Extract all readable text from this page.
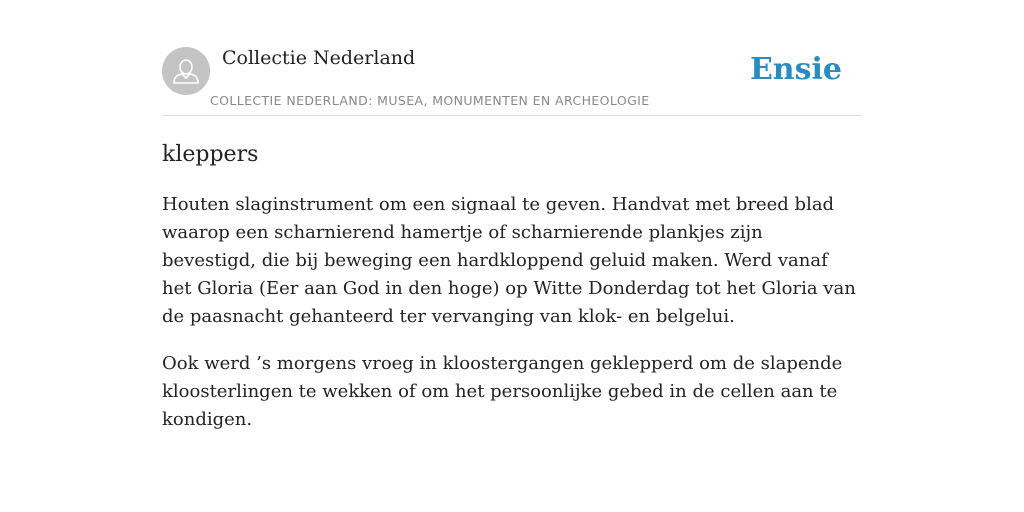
Collectie Nederland
COLLECTIE NEDERLAND: MUSEA, MONUMENTEN EN ARCHEOLOGIE
Ensie
kleppers

Houten slaginstrument om een signaal te geven. Handvat met breed blad waarop een scharnierend hamertje of scharnierende plankjes zijn bevestigd, die bij beweging een hardkloppend geluid maken. Werd vanaf het Gloria (Eer aan God in den hoge) op Witte Donderdag tot het Gloria van de paasnacht gehanteerd ter vervanging van klok- en belgelui.

Ook werd ’s morgens vroeg in kloostergangen geklepperd om de slapende kloosterlingen te wekken of om het persoonlijke gebed in de cellen aan te kondigen.
